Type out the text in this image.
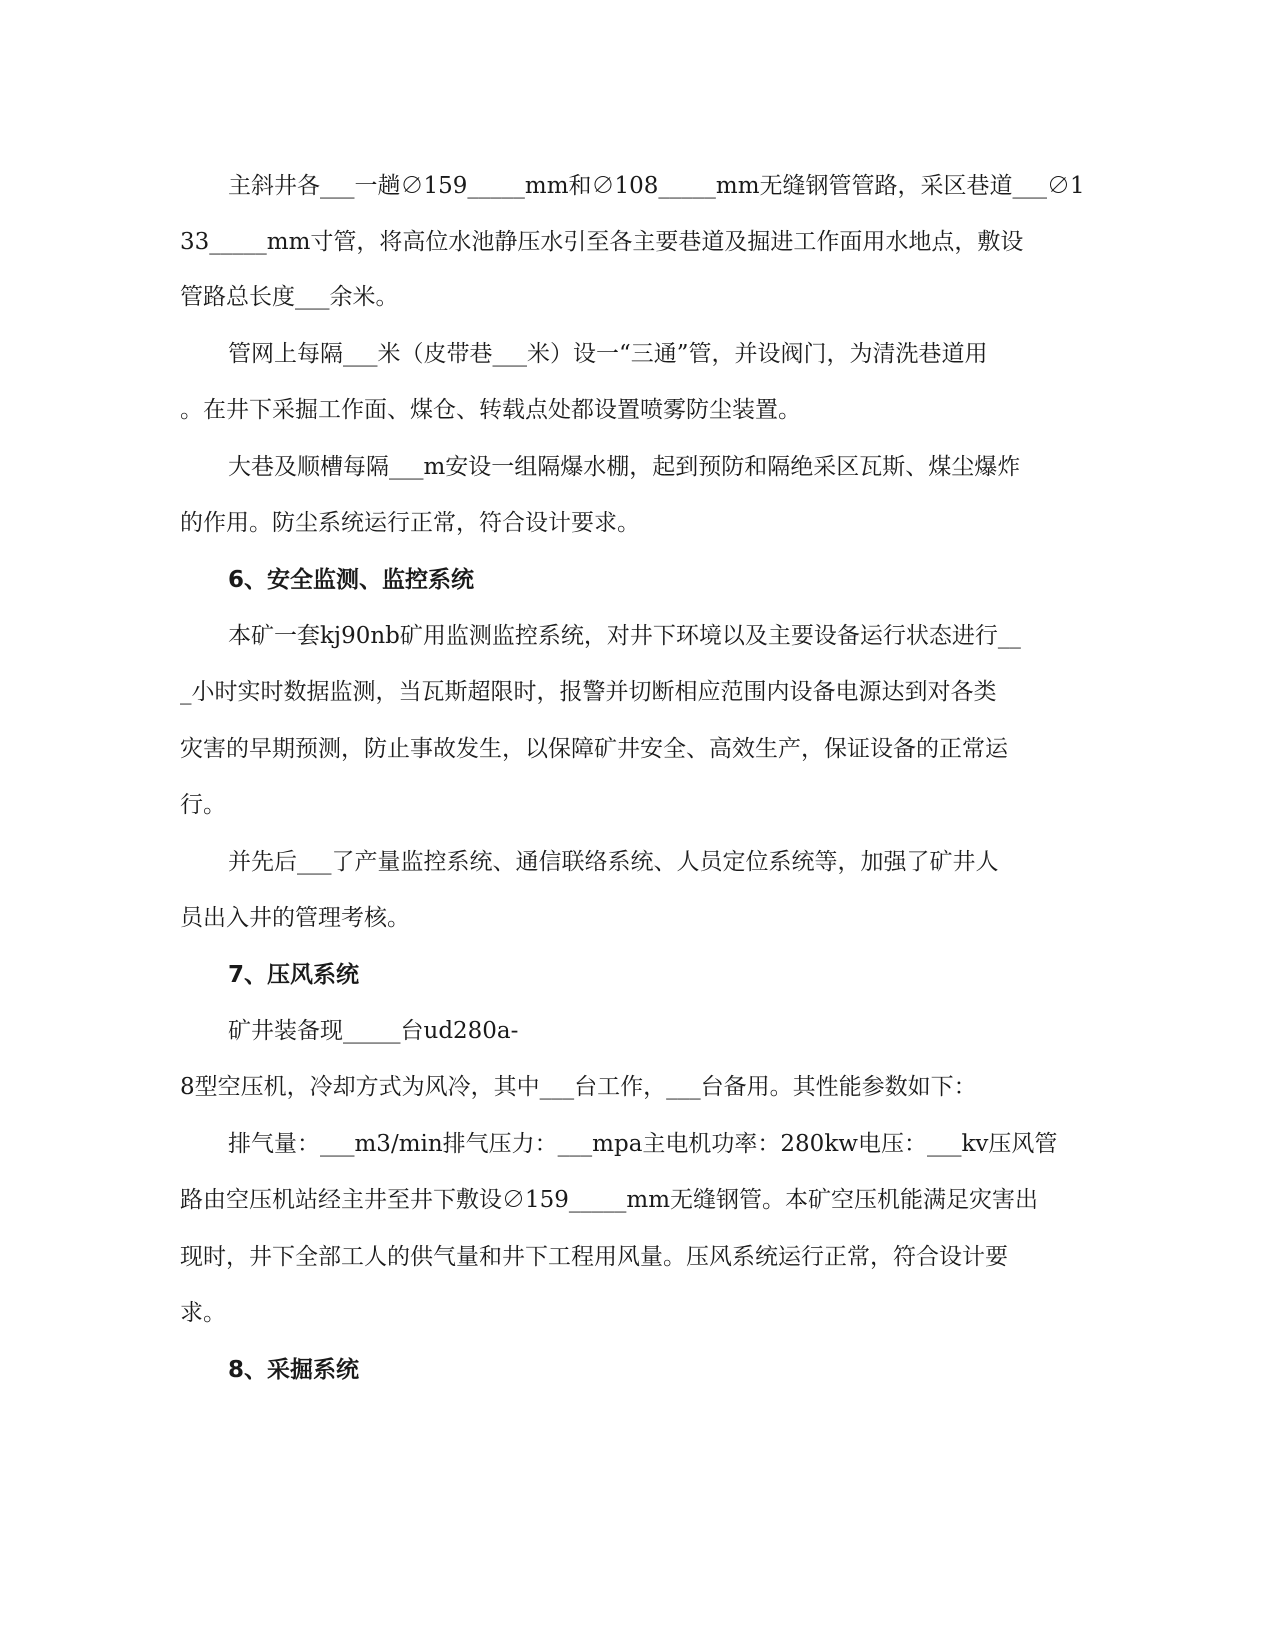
主斜井各___一趟∅159_____mm和∅108_____mm无缝钢管管路，采区巷道___∅1
33_____mm寸管，将高位水池静压水引至各主要巷道及掘进工作面用水地点，敷设
管路总长度___余米。
管网上每隔___米（皮带巷___米）设一“三通”管，并设阀门，为清洗巷道用
。在井下采掘工作面、煤仓、转载点处都设置喷雾防尘装置。
大巷及顺槽每隔___m安设一组隔爆水棚，起到预防和隔绝采区瓦斯、煤尘爆炸
的作用。防尘系统运行正常，符合设计要求。
6、安全监测、监控系统
本矿一套kj90nb矿用监测监控系统，对井下环境以及主要设备运行状态进行__
_小时实时数据监测，当瓦斯超限时，报警并切断相应范围内设备电源达到对各类
灾害的早期预测，防止事故发生，以保障矿井安全、高效生产，保证设备的正常运
行。
并先后___了产量监控系统、通信联络系统、人员定位系统等，加强了矿井人
员出入井的管理考核。
7、压风系统
矿井装备现_____台ud280a-
8型空压机，冷却方式为风冷，其中___台工作，___台备用。其性能参数如下：
排气量：___m3/min排气压力：___mpa主电机功率：280kw电压：___kv压风管
路由空压机站经主井至井下敷设∅159_____mm无缝钢管。本矿空压机能满足灾害出
现时，井下全部工人的供气量和井下工程用风量。压风系统运行正常，符合设计要
求。
8、采掘系统
